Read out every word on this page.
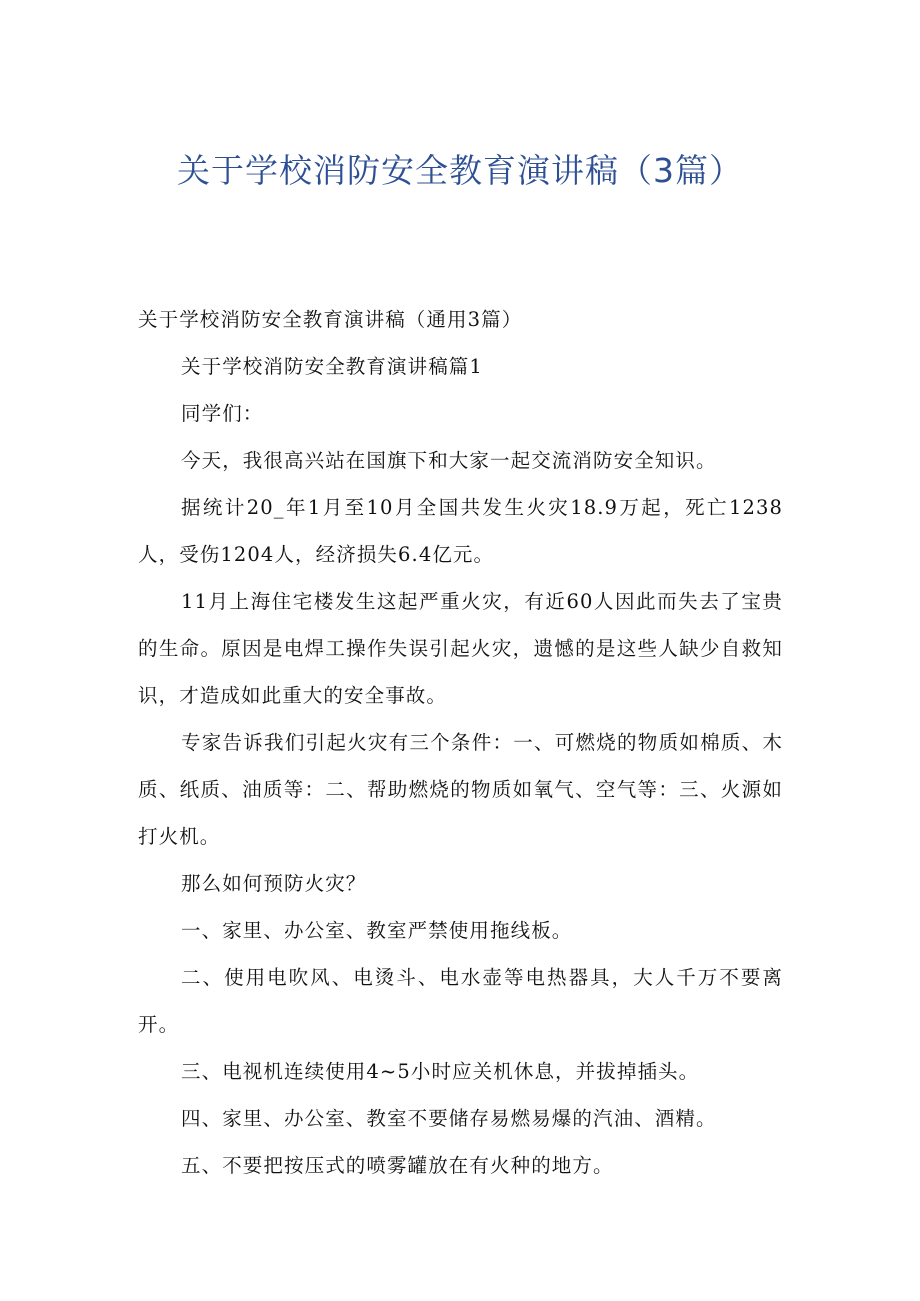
关于学校消防安全教育演讲稿（3篇）

关于学校消防安全教育演讲稿（通用3篇）

关于学校消防安全教育演讲稿篇1

同学们：

今天，我很高兴站在国旗下和大家一起交流消防安全知识。

据统计20_年1月至10月全国共发生火灾18.9万起，死亡1238人，受伤1204人，经济损失6.4亿元。

11月上海住宅楼发生这起严重火灾，有近60人因此而失去了宝贵的生命。原因是电焊工操作失误引起火灾，遗憾的是这些人缺少自救知识，才造成如此重大的安全事故。

专家告诉我们引起火灾有三个条件：一、可燃烧的物质如棉质、木质、纸质、油质等：二、帮助燃烧的物质如氧气、空气等：三、火源如打火机。

那么如何预防火灾？

一、家里、办公室、教室严禁使用拖线板。

二、使用电吹风、电烫斗、电水壶等电热器具，大人千万不要离开。

三、电视机连续使用4~5小时应关机休息，并拔掉插头。

四、家里、办公室、教室不要储存易燃易爆的汽油、酒精。

五、不要把按压式的喷雾罐放在有火种的地方。
